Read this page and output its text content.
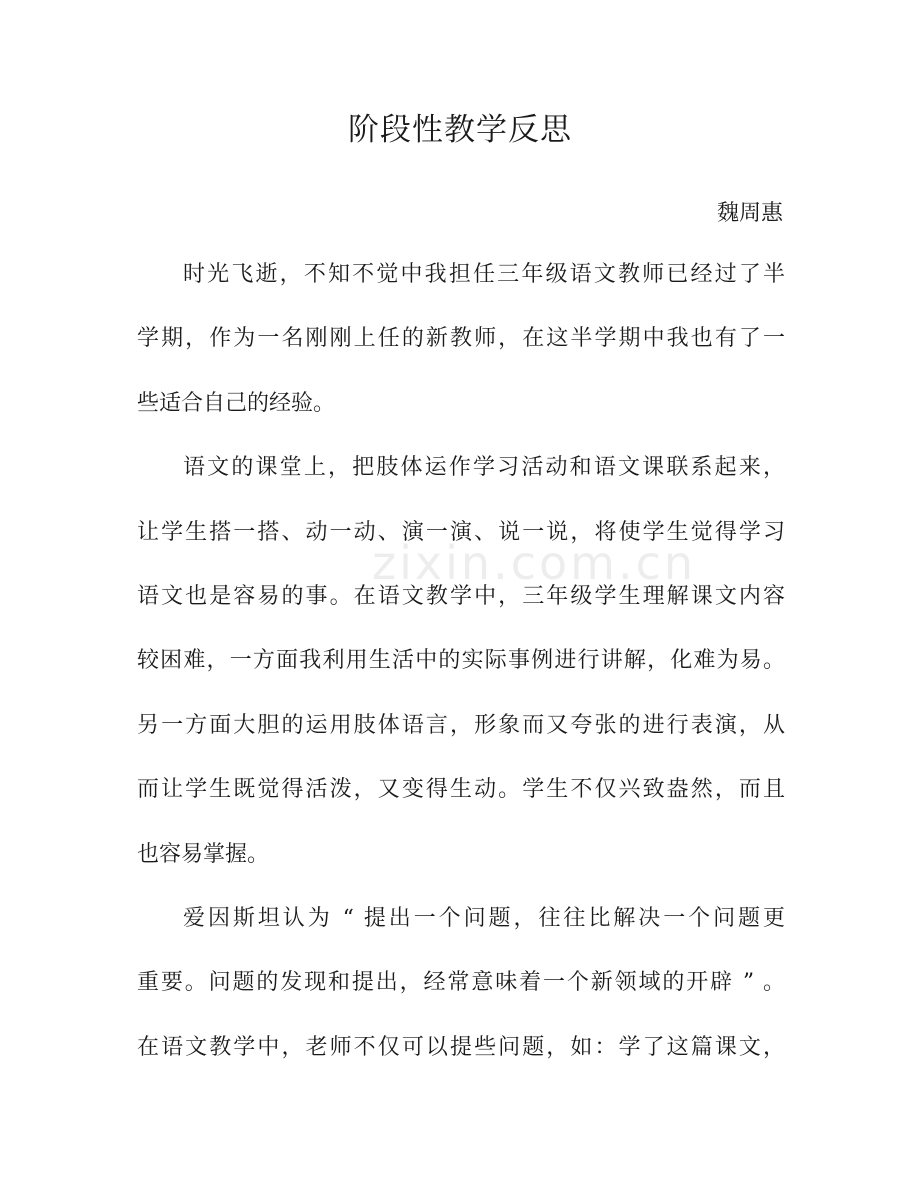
阶段性教学反思

魏周惠

时光飞逝，不知不觉中我担任三年级语文教师已经过了半
学期，作为一名刚刚上任的新教师，在这半学期中我也有了一
些适合自己的经验。
语文的课堂上，把肢体运作学习活动和语文课联系起来，
让学生搭一搭、动一动、演一演、说一说，将使学生觉得学习
语文也是容易的事。在语文教学中，三年级学生理解课文内容
较困难，一方面我利用生活中的实际事例进行讲解，化难为易。
另一方面大胆的运用肢体语言，形象而又夸张的进行表演，从
而让学生既觉得活泼，又变得生动。学生不仅兴致盎然，而且
也容易掌握。
爱因斯坦认为 “ 提出一个问题，往往比解决一个问题更
重要。问题的发现和提出，经常意味着一个新领域的开辟 ” 。
在语文教学中，老师不仅可以提些问题，如：学了这篇课文，
zixin.com.cn
